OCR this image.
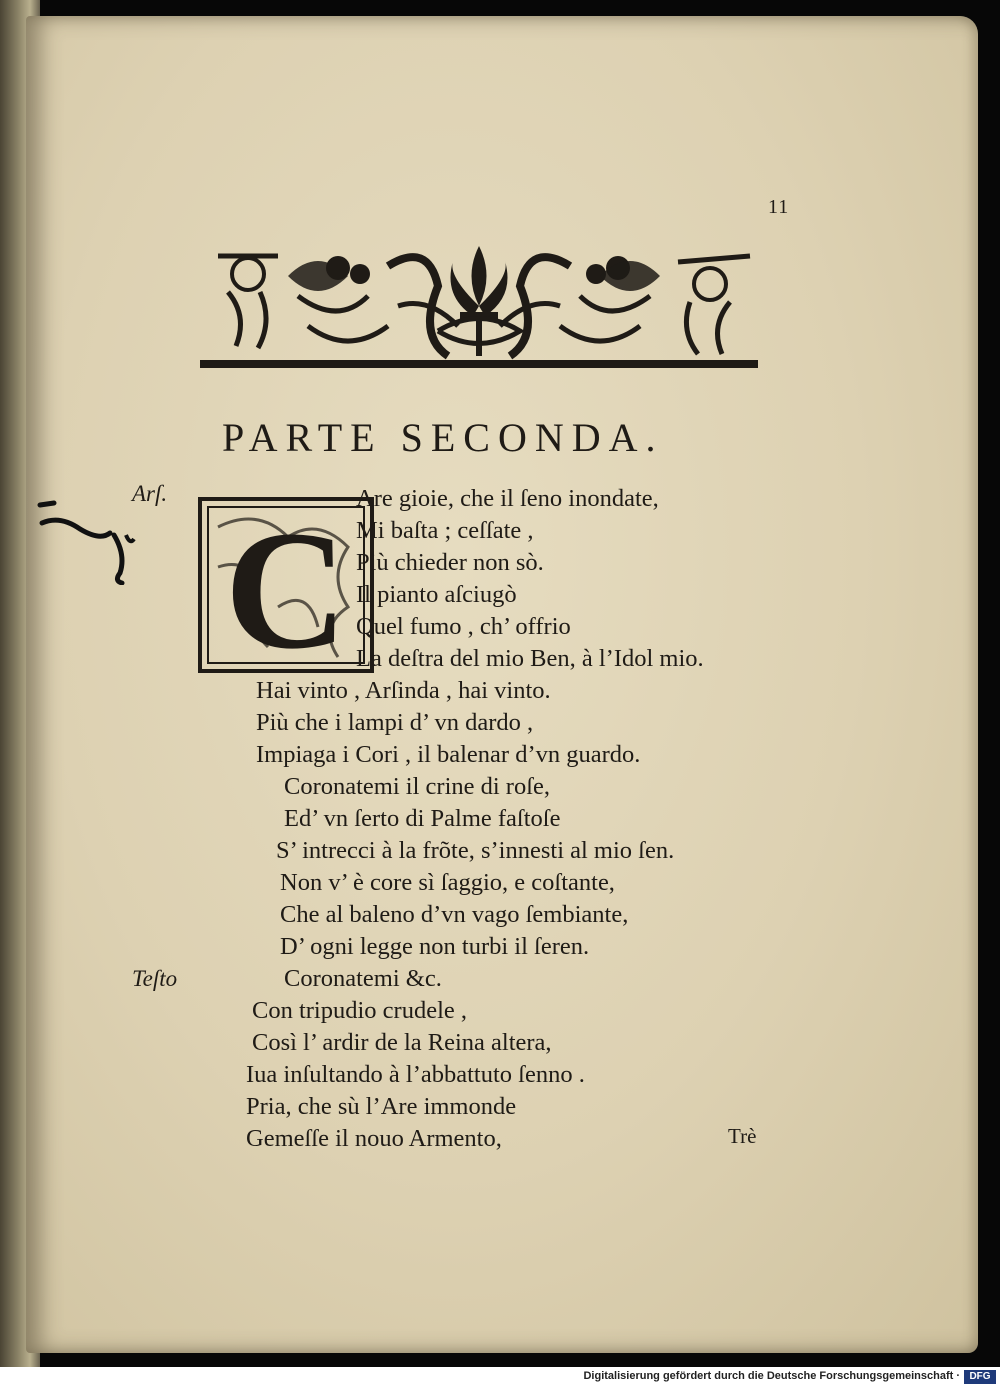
11
PARTE SECONDA.
Arſ.
Teſto
C Are gioie, che il ſeno inondate,
Mi baſta ; ceſſate ,
Più chieder non sò.
Il pianto aſciugò
Quel fumo , ch’ offrio
La deſtra del mio Ben, à l’Idol mio.
Hai vinto , Arſinda , hai vinto.
Più che i lampi d’ vn dardo ,
Impiaga i Cori , il balenar d’vn guardo.
Coronatemi il crine di roſe,
Ed’ vn ſerto di Palme faſtoſe
S’ intrecci à la frõte, s’innesti al mio ſen.
Non v’ è core sì ſaggio, e coſtante,
Che al baleno d’vn vago ſembiante,
D’ ogni legge non turbi il ſeren.
Coronatemi &c.
Con tripudio crudele ,
Così l’ ardir de la Reina altera,
Iua inſultando à l’abbattuto ſenno .
Pria, che sù l’Are immonde
Gemeſſe il nouo Armento,	Trè
Digitalisierung gefördert durch die Deutsche Forschungsgemeinschaft · DFG
